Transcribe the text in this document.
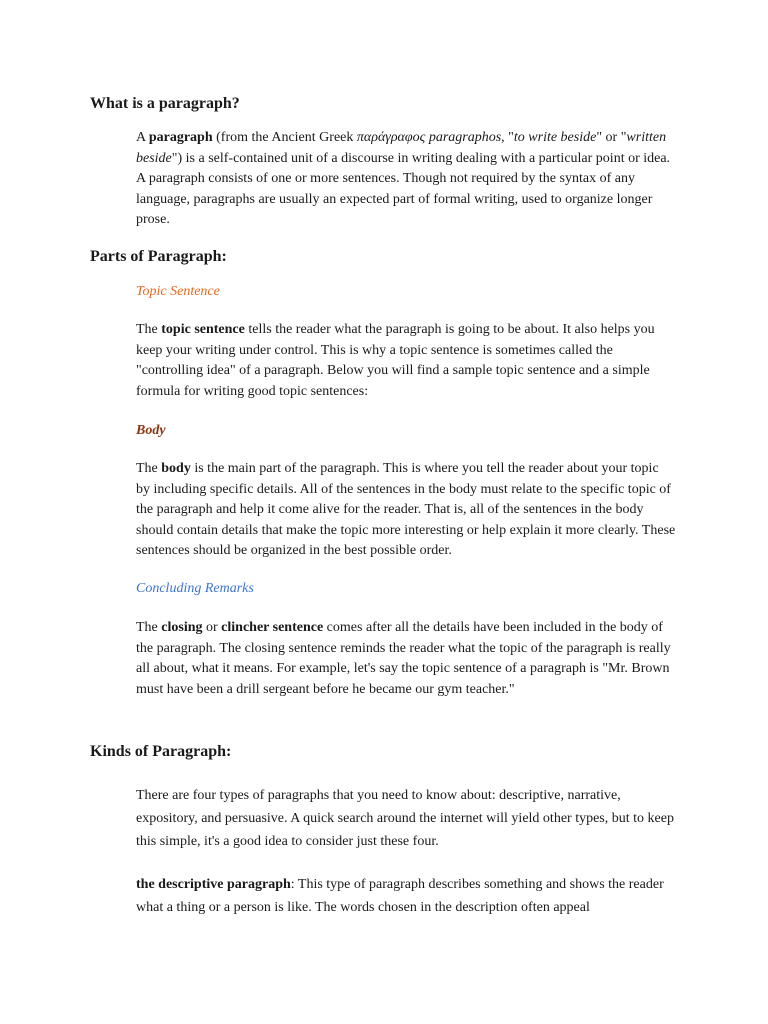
What is a paragraph?

A paragraph (from the Ancient Greek παράγραφος paragraphos, "to write beside" or "written beside") is a self-contained unit of a discourse in writing dealing with a particular point or idea. A paragraph consists of one or more sentences. Though not required by the syntax of any language, paragraphs are usually an expected part of formal writing, used to organize longer prose.

Parts of Paragraph:

Topic Sentence

The topic sentence tells the reader what the paragraph is going to be about. It also helps you keep your writing under control. This is why a topic sentence is sometimes called the "controlling idea" of a paragraph. Below you will find a sample topic sentence and a simple formula for writing good topic sentences:

Body

The body is the main part of the paragraph. This is where you tell the reader about your topic by including specific details. All of the sentences in the body must relate to the specific topic of the paragraph and help it come alive for the reader. That is, all of the sentences in the body should contain details that make the topic more interesting or help explain it more clearly. These sentences should be organized in the best possible order.

Concluding Remarks

The closing or clincher sentence comes after all the details have been included in the body of the paragraph. The closing sentence reminds the reader what the topic of the paragraph is really all about, what it means. For example, let's say the topic sentence of a paragraph is "Mr. Brown must have been a drill sergeant before he became our gym teacher."

Kinds of Paragraph:

There are four types of paragraphs that you need to know about: descriptive, narrative, expository, and persuasive. A quick search around the internet will yield other types, but to keep this simple, it's a good idea to consider just these four.

the descriptive paragraph: This type of paragraph describes something and shows the reader what a thing or a person is like. The words chosen in the description often appeal
